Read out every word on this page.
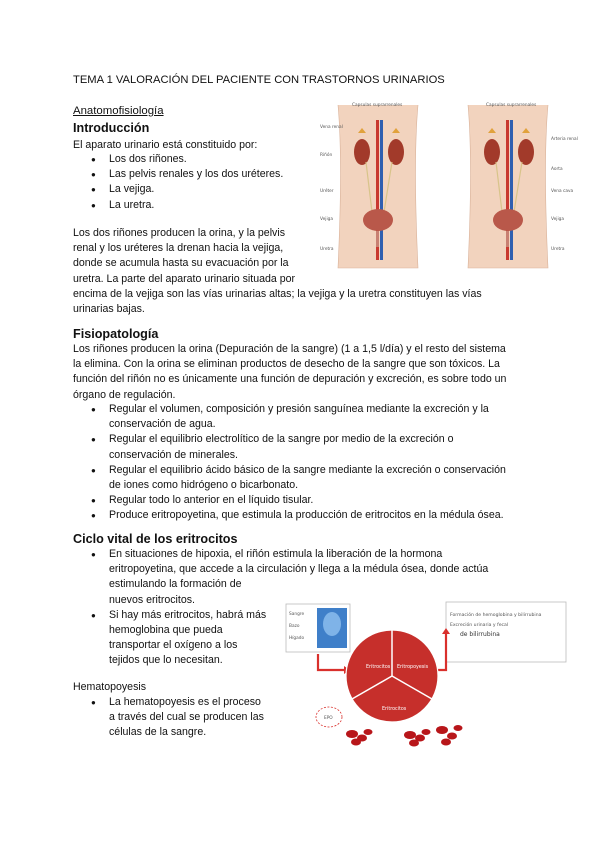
TEMA 1 VALORACIÓN DEL PACIENTE CON TRASTORNOS URINARIOS
Anatomofisiología
Introducción
El aparato urinario está constituido por:
● Los dos riñones.
● Las pelvis renales y los dos uréteres.
● La vejiga.
● La uretra.
Los dos riñones producen la orina, y la pelvis
renal y los uréteres la drenan hacia la vejiga,
donde se acumula hasta su evacuación por la
uretra. La parte del aparato urinario situada por
encima de la vejiga son las vías urinarias altas; la vejiga y la uretra constituyen las vías
urinarias bajas.
Capsulas suprarrenales
Vena renal
Riñón
Uréter
Vejiga
Uretra
Capsulas suprarrenales
Arteria renal
Aorta
Vena cava
Vejiga
Uretra
Fisiopatología
Los riñones producen la orina (Depuración de la sangre) (1 a 1,5 l/día) y el resto del sistema
la elimina. Con la orina se eliminan productos de desecho de la sangre que son tóxicos. La
función del riñón no es únicamente una función de depuración y excreción, es sobre todo un
órgano de regulación.
● Regular el volumen, composición y presión sanguínea mediante la excreción y la
conservación de agua.
● Regular el equilibrio electrolítico de la sangre por medio de la excreción o
conservación de minerales.
● Regular el equilibrio ácido básico de la sangre mediante la excreción o conservación
de iones como hidrógeno o bicarbonato.
● Regular todo lo anterior en el líquido tisular.
● Produce eritropoyetina, que estimula la producción de eritrocitos en la médula ósea.
Ciclo vital de los eritrocitos
● En situaciones de hipoxia, el riñón estimula la liberación de la hormona
eritropoyetina, que accede a la circulación y llega a la médula ósea, donde actúa
estimulando la formación de
nuevos eritrocitos.
● Si hay más eritrocitos, habrá más
hemoglobina que pueda
transportar el oxígeno a los
tejidos que lo necesitan.
Hematopoyesis
● La hematopoyesis es el proceso
a través del cual se producen las
células de la sangre.
Sangre
Bazo
Hígado
Formación de hemoglobina y bilirrubina
Excreción urinaria y fecal
de bilirrubina
Eritrocitos Eritropoyesis
Eritrocitos
EPO
